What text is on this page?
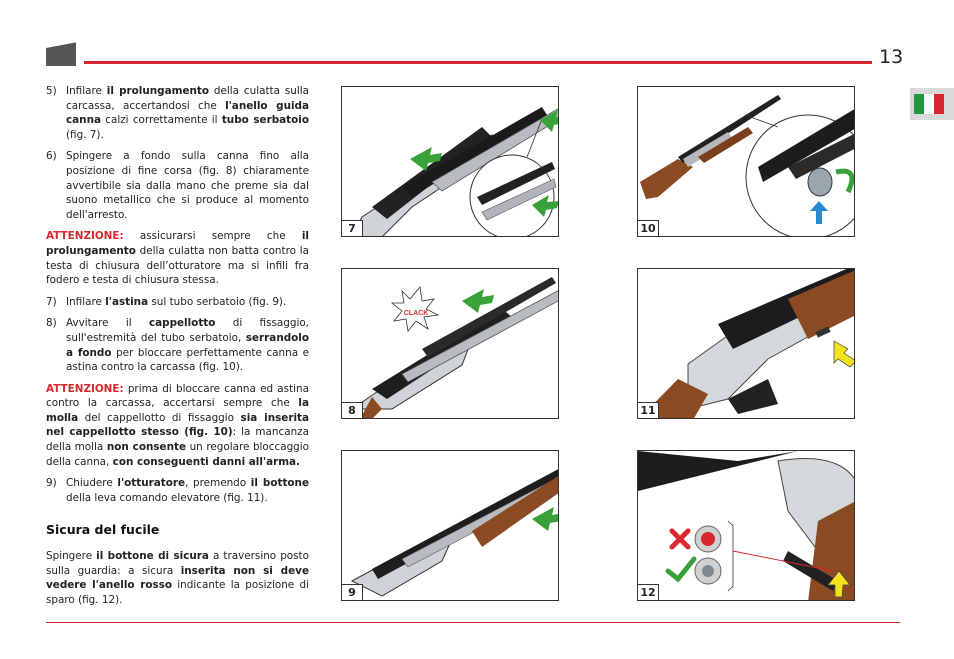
13
5) Infilare il prolungamento della culatta sulla carcassa, accertandosi che l'anello guida canna calzi correttamente il tubo serbatoio (fig. 7).
6) Spingere a fondo sulla canna fino alla posizione di fine corsa (fig. 8) chiaramente avvertibile sia dalla mano che preme sia dal suono metallico che si produce al momento dell'arresto.
ATTENZIONE: assicurarsi sempre che il prolungamento della culatta non batta contro la testa di chiusura dell’otturatore ma si infili fra fodero e testa di chiusura stessa.
7) Infilare l'astina sul tubo serbatoio (fig. 9).
8) Avvitare il cappellotto di fissaggio, sull'estremità del tubo serbatoio, serrandolo a fondo per bloccare perfettamente canna e astina contro la carcassa (fig. 10).
ATTENZIONE: prima di bloccare canna ed astina contro la carcassa, accertarsi sempre che la molla del cappellotto di fissaggio sia inserita nel cappellotto stesso (fig. 10): la mancanza della molla non consente un regolare bloccaggio della canna, con conseguenti danni all'arma.
9) Chiudere l'otturatore, premendo il bottone della leva comando elevatore (fig. 11).
Sicura del fucile
Spingere il bottone di sicura a traversino posto sulla guardia: a sicura inserita non si deve vedere l'anello rosso indicante la posizione di sparo (fig. 12).
7	10
CLACK
8	11
9	12
